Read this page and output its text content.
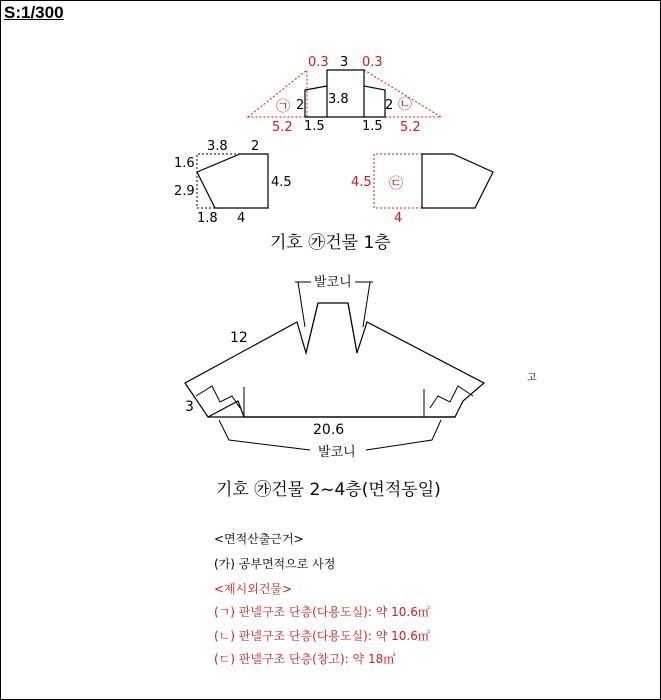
S:1/300
0.3 3 0.3
3.8
2	2
㉠	㉡
5.2 1.5	1.5 5.2
3.8 2
1.6
2.9
4.5
1.8 4
4.5 ㉢
4
기호 ㉮건물 1층
발코니
발코니
12
3
20.6
고
기호 ㉮건물 2~4층(면적동일)
<면적산출근거>
(가) 공부면적으로 사정
<제시외건물>
(ㄱ) 판넬구조 단층(다용도실): 약 10.6㎡
(ㄴ) 판넬구조 단층(다용도실): 약 10.6㎡
(ㄷ) 판넬구조 단층(창고): 약 18㎡
